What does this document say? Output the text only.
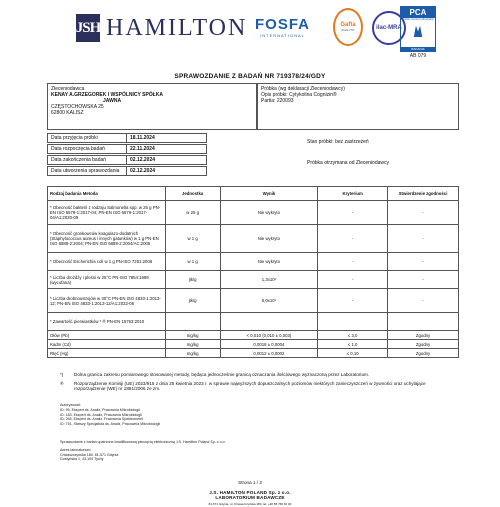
JSH HAMILTON FOSFA
INTERNATIONAL
Gafta
ANALYST	ilac-MRA
PCA
Polskie Centrum Akredytacji
BADANIA
AB 079
SPRAWOZDANIE Z BADAŃ NR 719378/24/GDY
Zleceniodawca
KENAY A.GRZEGOREK I WSPÓLNICY SPÓŁKA
JAWNA
CZĘSTOCHOWSKA 25
62800 KALISZ
Próbka (wg deklaracji Zleceniodawcy)
Opis próbki: Cytykolina Cognizin®
Partia: 220093
Data przyjęcia próbki	18.11.2024
Data rozpoczęcia badań	22.11.2024
Data zakończenia badań	02.12.2024
Data utworzenia sprawozdania	02.12.2024
Stan próbki: bez zastrzeżeń
Próbka otrzymana od Zleceniodawcy
Rodzaj badania Metoda	Jednostka	Wynik	Kryterium	Stwierdzenie zgodności
* Obecność bakterii z rodzaju Salmonella spp. w 25 g PN-EN ISO 6579-1:2017-04; PN-EN ISO 6579-1:2017-04/A1:2020-09	w 25 g	Nie wykryto	-	-
* Obecność gronkowców koagulazo-dodatnich (Staphylococcus aureus i innych gatunków) w 1 g PN-EN ISO 6888-2:2004; PN-EN ISO 6888-2:2004/AC:2005	w 1 g	Nie wykryto	-	-
* Obecność Escherichia coli w 1 g PN-ISO 7251:2006	w 1 g	Nie wykryto	-	-
* Liczba drożdży i pleśni w 25°C PN-ISO 7954:1999 (wycofana)	jtk/g	1,3x10¹	-	-
* Liczba drobnoustrojów w 30°C PN-EN ISO 4833-1:2013-12; PN-EN ISO 4833-1:2013-12/A1:2022-06	jtk/g	6,0x10¹	-	-
* Zawartość pierwiastków * ® PN-EN 15763:2010				
Ołów (Pb)	mg/kg	< 0,010 (0,010 ± 0,003)	≤ 3,0	Zgodny
Kadm (Cd)	mg/kg	0,0018 ± 0,0004	≤ 1,0	Zgodny
Rtęć (Hg)	mg/kg	0,0012 ± 0,0002	≤ 0,10	Zgodny
*)	Dolna granica zakresu pomiarowego stosowanej metody, będąca jednocześnie granicą oznaczania ilościowego wyznaczoną przez Laboratorium.
®	Rozporządzenie Komisji (UE) 2023/915 z dnia 25 kwietnia 2023 r. w sprawie najwyższych dopuszczalnych poziomów niektórych zanieczyszczeń w żywności oraz uchylające rozporządzenie (WE) nr 1881/2006 ze zm.
Autoryzował:
ID: 95, Ekspert ds. Analiz, Pracownia Mikrobiologii
ID: 183, Ekspert ds. Analiz, Pracownia Mikrobiologii
ID: 265, Ekspert ds. Analiz, Pracownia Spektrometrii
ID: 751, Starszy Specjalista ds. Analiz, Pracownia Mikrobiologii
Sprawozdanie z badań opatrzone kwalifikowaną pieczęcią elektroniczną J.S. Hamilton Poland Sp. z o.o.
Adres laboratorium:
Chwaszczyńska 180, 81-571 Gdynia
Gostyńska 1, 43-100 Tychy
Strona 1 / 2
J.S. HAMILTON POLAND Sp. z o.o.
LABORATORIUM BADAWCZE
81-571 Gdynia, ul. Chwaszczyńska 180, tel. +48 58 769 66 00
